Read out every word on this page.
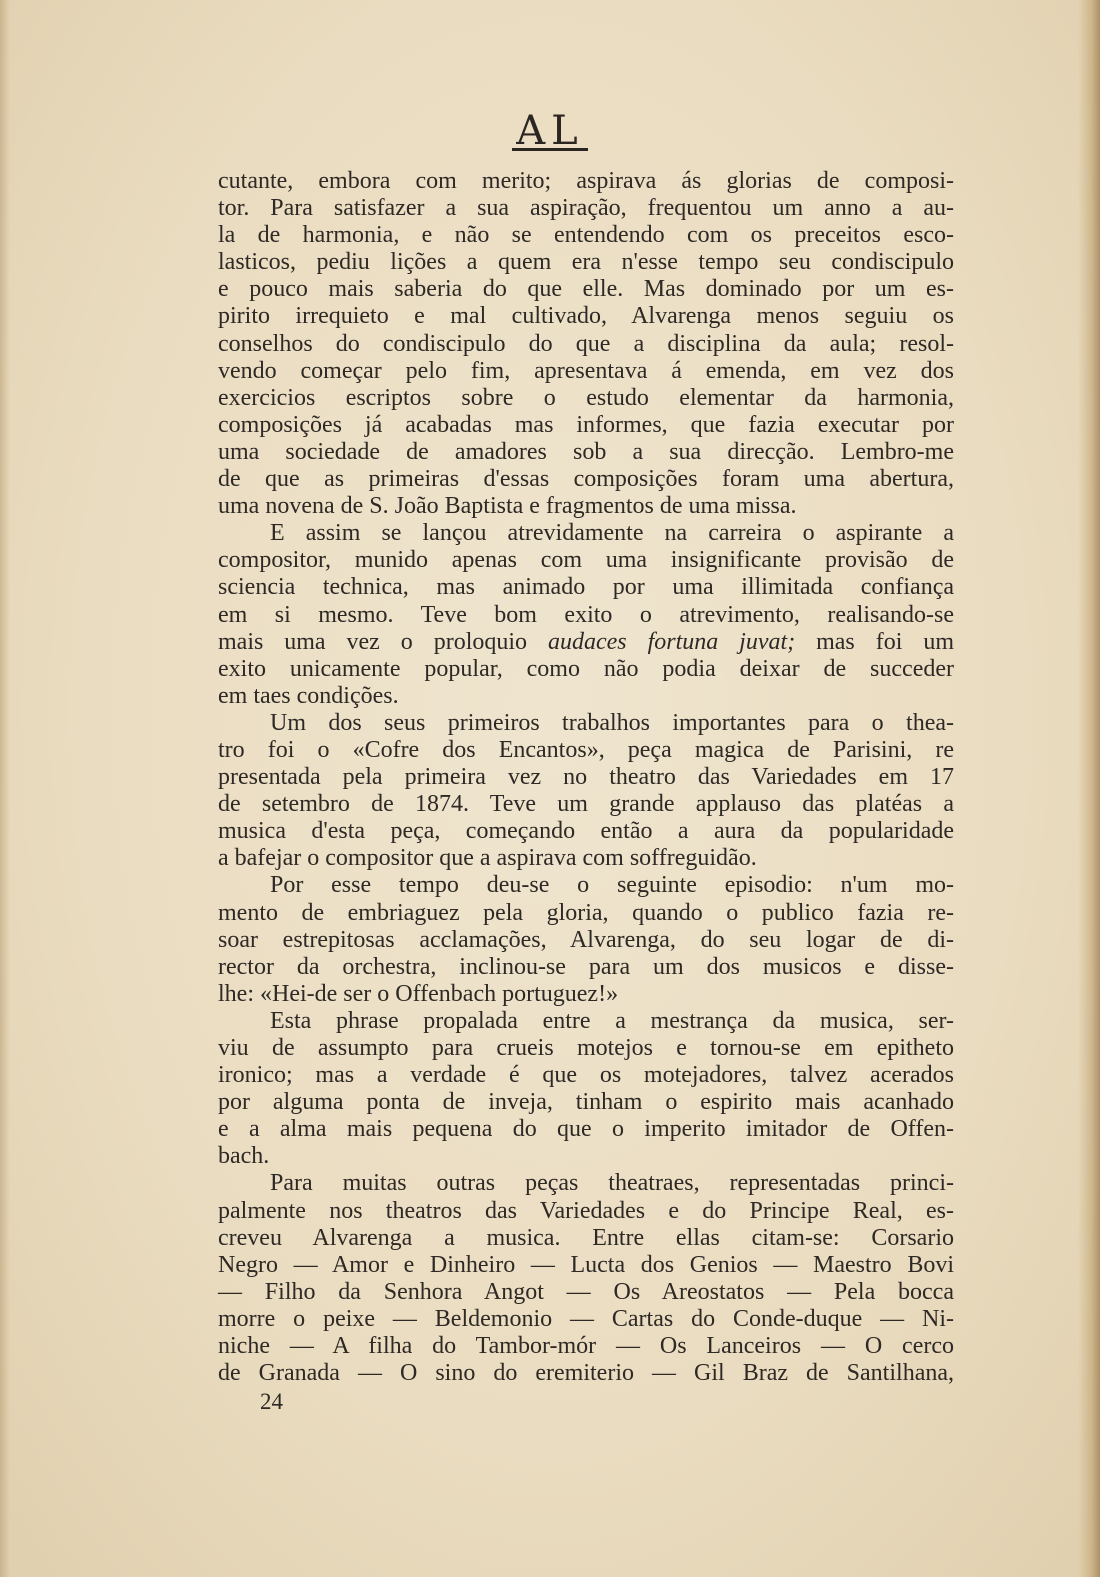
AL
cutante, embora com merito; aspirava ás glorias de composi-
tor. Para satisfazer a sua aspiração, frequentou um anno a au-
la de harmonia, e não se entendendo com os preceitos esco-
lasticos, pediu lições a quem era n'esse tempo seu condiscipulo
e pouco mais saberia do que elle. Mas dominado por um es-
pirito irrequieto e mal cultivado, Alvarenga menos seguiu os
conselhos do condiscipulo do que a disciplina da aula; resol-
vendo começar pelo fim, apresentava á emenda, em vez dos
exercicios escriptos sobre o estudo elementar da harmonia,
composições já acabadas mas informes, que fazia executar por
uma sociedade de amadores sob a sua direcção. Lembro-me
de que as primeiras d'essas composições foram uma abertura,
uma novena de S. João Baptista e fragmentos de uma missa.
E assim se lançou atrevidamente na carreira o aspirante a
compositor, munido apenas com uma insignificante provisão de
sciencia technica, mas animado por uma illimitada confiança
em si mesmo. Teve bom exito o atrevimento, realisando-se
mais uma vez o proloquio audaces fortuna juvat; mas foi um
exito unicamente popular, como não podia deixar de succeder
em taes condições.
Um dos seus primeiros trabalhos importantes para o thea-
tro foi o «Cofre dos Encantos», peça magica de Parisini, re
presentada pela primeira vez no theatro das Variedades em 17
de setembro de 1874. Teve um grande applauso das platéas a
musica d'esta peça, começando então a aura da popularidade
a bafejar o compositor que a aspirava com soffreguidão.
Por esse tempo deu-se o seguinte episodio: n'um mo-
mento de embriaguez pela gloria, quando o publico fazia re-
soar estrepitosas acclamações, Alvarenga, do seu logar de di-
rector da orchestra, inclinou-se para um dos musicos e disse-
lhe: «Hei-de ser o Offenbach portuguez!»
Esta phrase propalada entre a mestrança da musica, ser-
viu de assumpto para crueis motejos e tornou-se em epitheto
ironico; mas a verdade é que os motejadores, talvez acerados
por alguma ponta de inveja, tinham o espirito mais acanhado
e a alma mais pequena do que o imperito imitador de Offen-
bach.
Para muitas outras peças theatraes, representadas princi-
palmente nos theatros das Variedades e do Principe Real, es-
creveu Alvarenga a musica. Entre ellas citam-se: Corsario
Negro — Amor e Dinheiro — Lucta dos Genios — Maestro Bovi
— Filho da Senhora Angot — Os Areostatos — Pela bocca
morre o peixe — Beldemonio — Cartas do Conde-duque — Ni-
niche — A filha do Tambor-mór — Os Lanceiros — O cerco
de Granada — O sino do eremiterio — Gil Braz de Santilhana,
24
